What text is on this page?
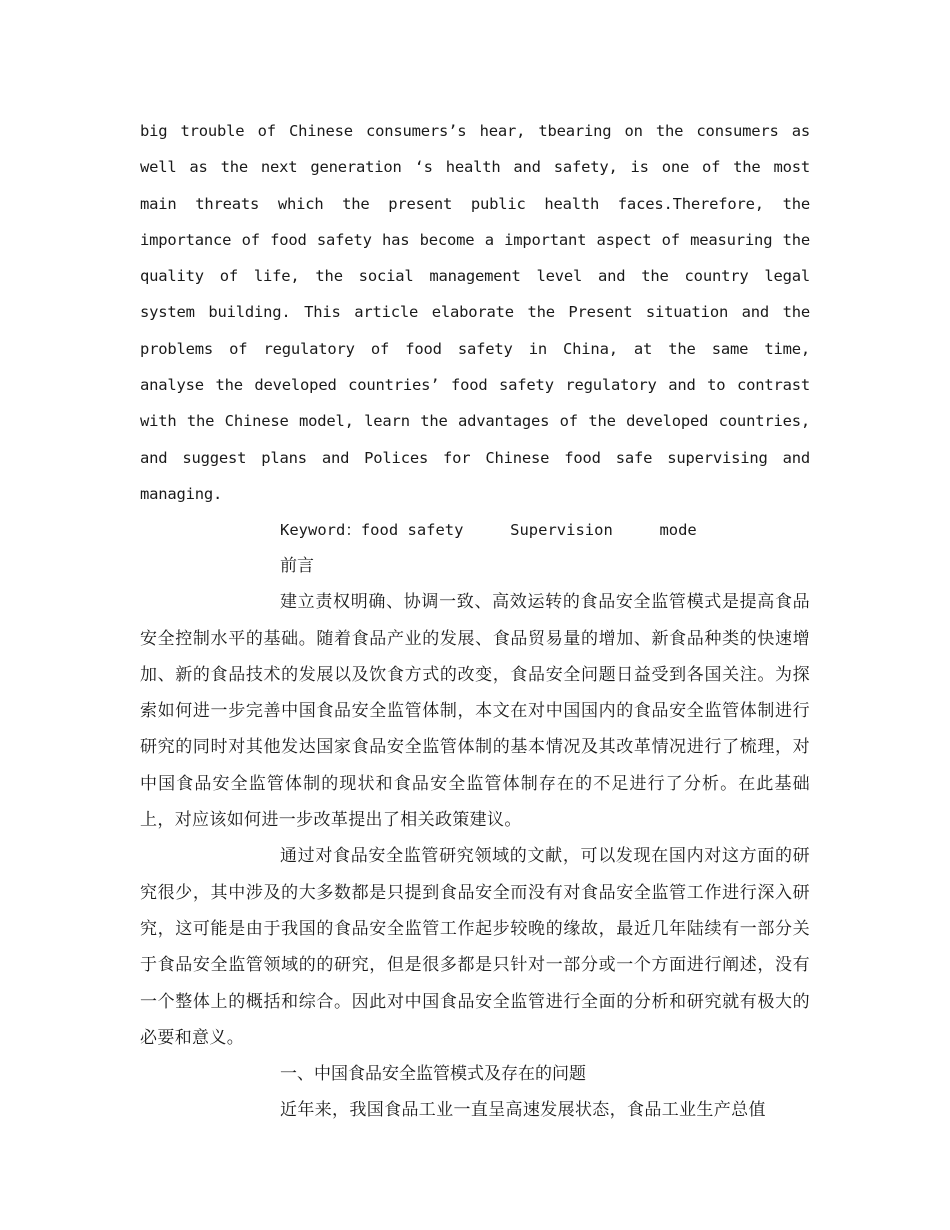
big trouble of Chinese consumers’s hear, tbearing on the consumers as well as the next generation ‘s health and safety, is one of the most main threats which the present public health faces.Therefore, the importance of food safety has become a important aspect of measuring the quality of life, the social management level and the country legal system building. This article elaborate the Present situation and the problems of regulatory of food safety in China, at the same time, analyse the developed countries’ food safety regulatory and to contrast with the Chinese model, learn the advantages of the developed countries, and suggest plans and Polices for Chinese food safe supervising and managing.

Keyword：food safety     Supervision     mode

前言

建立责权明确、协调一致、高效运转的食品安全监管模式是提高食品安全控制水平的基础。随着食品产业的发展、食品贸易量的增加、新食品种类的快速增加、新的食品技术的发展以及饮食方式的改变，食品安全问题日益受到各国关注。为探索如何进一步完善中国食品安全监管体制，本文在对中国国内的食品安全监管体制进行研究的同时对其他发达国家食品安全监管体制的基本情况及其改革情况进行了梳理，对中国食品安全监管体制的现状和食品安全监管体制存在的不足进行了分析。在此基础上，对应该如何进一步改革提出了相关政策建议。

通过对食品安全监管研究领域的文献，可以发现在国内对这方面的研究很少，其中涉及的大多数都是只提到食品安全而没有对食品安全监管工作进行深入研究，这可能是由于我国的食品安全监管工作起步较晚的缘故，最近几年陆续有一部分关于食品安全监管领域的的研究，但是很多都是只针对一部分或一个方面进行阐述，没有一个整体上的概括和综合。因此对中国食品安全监管进行全面的分析和研究就有极大的必要和意义。

一、中国食品安全监管模式及存在的问题

近年来，我国食品工业一直呈高速发展状态，食品工业生产总值
